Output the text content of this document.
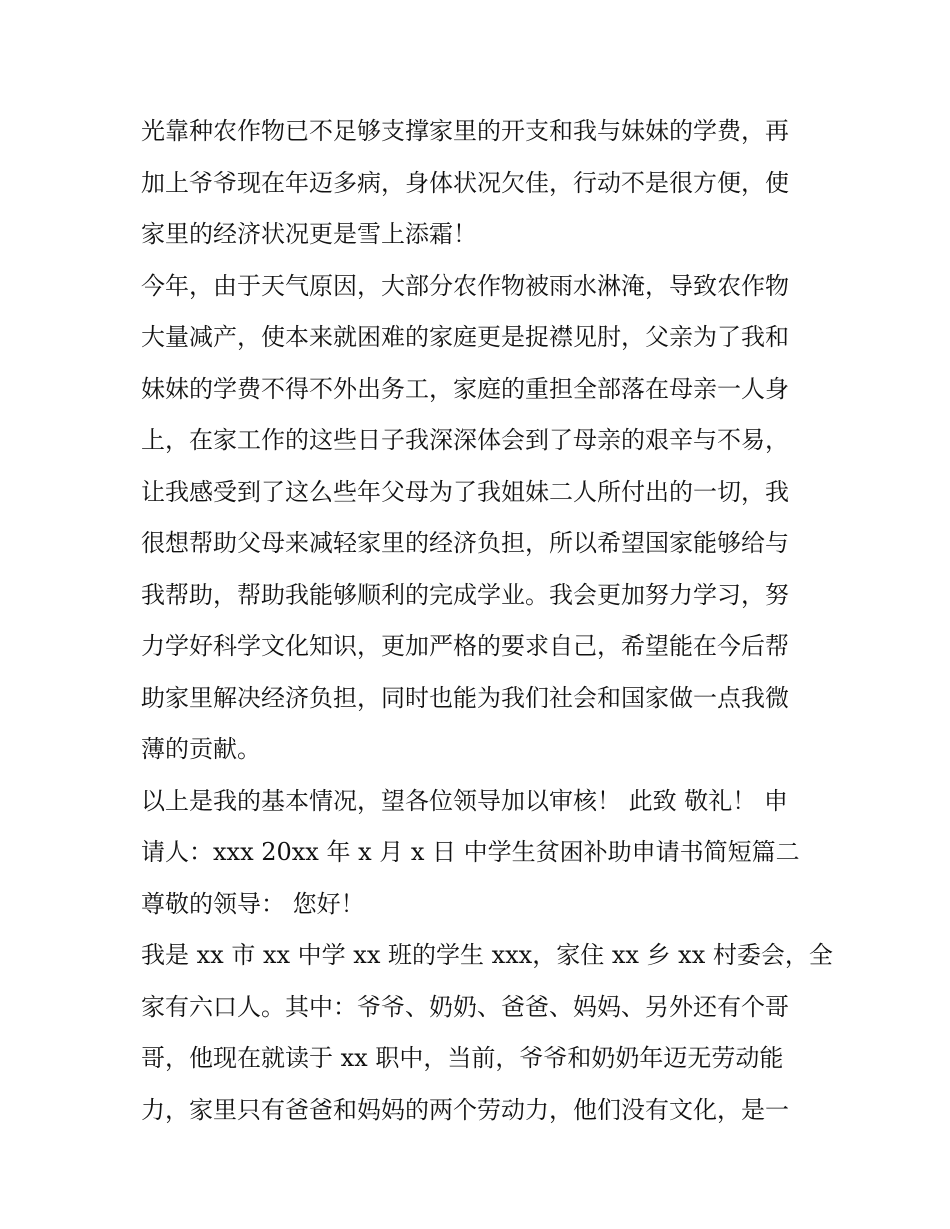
光靠种农作物已不足够支撑家里的开支和我与妹妹的学费，再
加上爷爷现在年迈多病，身体状况欠佳，行动不是很方便，使
家里的经济状况更是雪上添霜！
今年，由于天气原因，大部分农作物被雨水淋淹，导致农作物
大量减产，使本来就困难的家庭更是捉襟见肘，父亲为了我和
妹妹的学费不得不外出务工，家庭的重担全部落在母亲一人身
上，在家工作的这些日子我深深体会到了母亲的艰辛与不易，
让我感受到了这么些年父母为了我姐妹二人所付出的一切，我
很想帮助父母来减轻家里的经济负担，所以希望国家能够给与
我帮助，帮助我能够顺利的完成学业。我会更加努力学习，努
力学好科学文化知识，更加严格的要求自己，希望能在今后帮
助家里解决经济负担，同时也能为我们社会和国家做一点我微
薄的贡献。
以上是我的基本情况，望各位领导加以审核！ 此致 敬礼！ 申
请人：xxx 20xx 年 x 月 x 日 中学生贫困补助申请书简短篇二
尊敬的领导： 您好！
我是 xx 市 xx 中学 xx 班的学生 xxx，家住 xx 乡 xx 村委会，全
家有六口人。其中：爷爷、奶奶、爸爸、妈妈、另外还有个哥
哥，他现在就读于 xx 职中，当前，爷爷和奶奶年迈无劳动能
力，家里只有爸爸和妈妈的两个劳动力，他们没有文化，是一
